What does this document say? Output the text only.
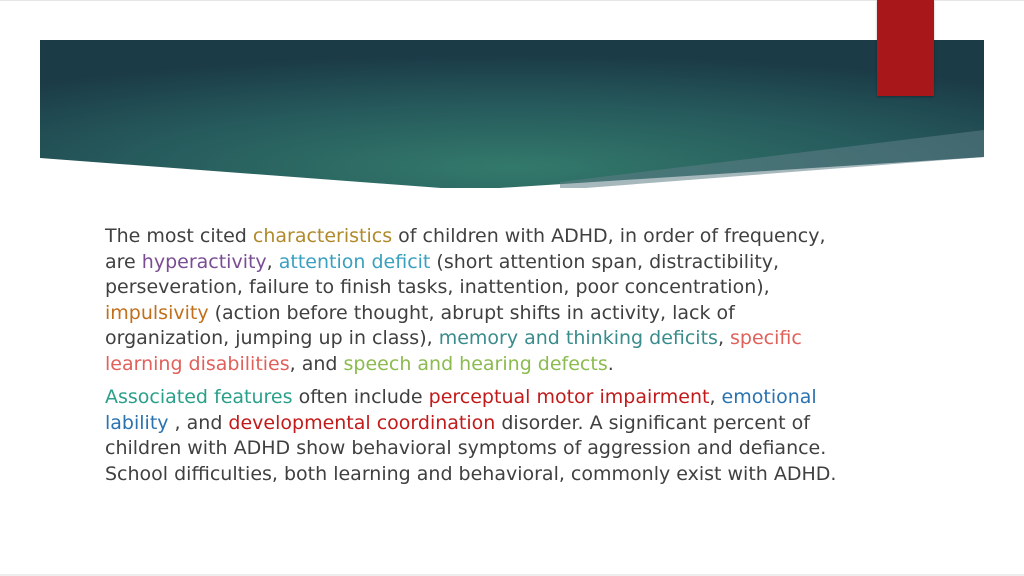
The most cited characteristics of children with ADHD, in order of frequency, are hyperactivity, attention deficit (short attention span, distractibility, perseveration, failure to finish tasks, inattention, poor concentration), impulsivity (action before thought, abrupt shifts in activity, lack of organization, jumping up in class), memory and thinking deficits, specific learning disabilities, and speech and hearing defects.

Associated features often include perceptual motor impairment, emotional lability , and developmental coordination disorder. A significant percent of children with ADHD show behavioral symptoms of aggression and defiance. School difficulties, both learning and behavioral, commonly exist with ADHD.
